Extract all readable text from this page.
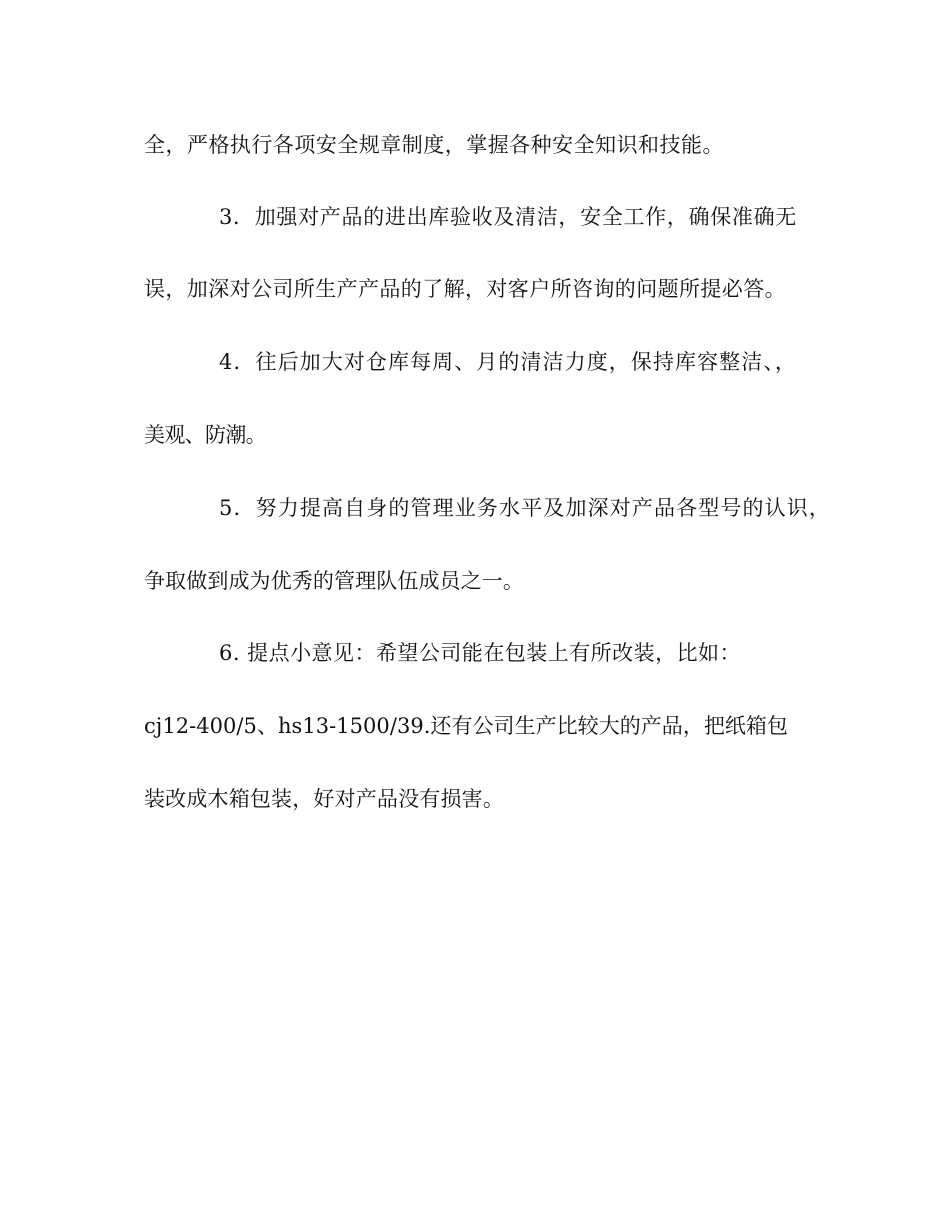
全，严格执行各项安全规章制度，掌握各种安全知识和技能。
3．加强对产品的进出库验收及清洁，安全工作，确保准确无
误，加深对公司所生产产品的了解，对客户所咨询的问题所提必答。
4．往后加大对仓库每周、月的清洁力度，保持库容整洁、，
美观、防潮。
5．努力提高自身的管理业务水平及加深对产品各型号的认识，
争取做到成为优秀的管理队伍成员之一。
6. 提点小意见：希望公司能在包装上有所改装，比如：
cj12-400/5、hs13-1500/39.还有公司生产比较大的产品，把纸箱包
装改成木箱包装，好对产品没有损害。
